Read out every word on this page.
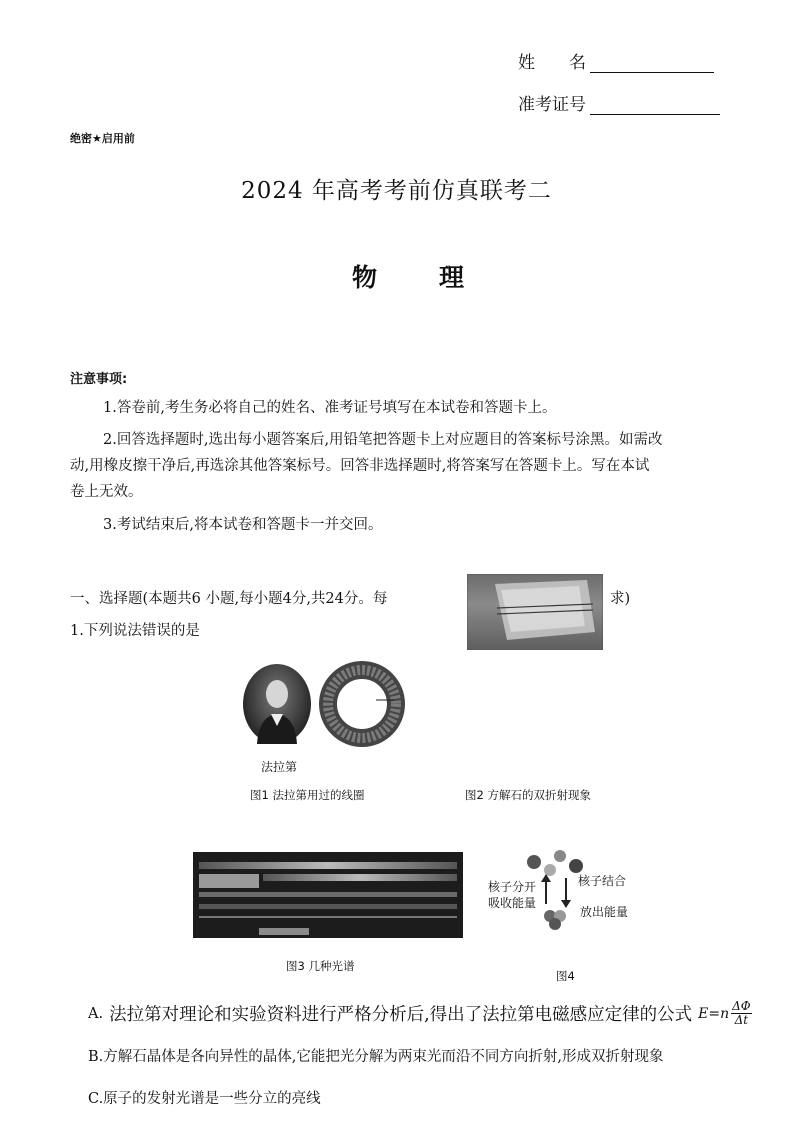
姓　　名
准考证号
绝密★启用前
2024 年高考考前仿真联考二
物理
注意事项:
1.答卷前,考生务必将自己的姓名、准考证号填写在本试卷和答题卡上。
2.回答选择题时,选出每小题答案后,用铅笔把答题卡上对应题目的答案标号涂黑。如需改
动,用橡皮擦干净后,再选涂其他答案标号。回答非选择题时,将答案写在答题卡上。写在本试
卷上无效。
3.考试结束后,将本试卷和答题卡一并交回。
一、选择题(本题共6 小题,每小题4分,共24分。每	求)
1.下列说法错误的是
法拉第
图1 法拉第用过的线圈	图2 方解石的双折射现象
图3 几种光谱
核子分开
吸收能量
核子结合
放出能量
图4
A. 法拉第对理论和实验资料进行严格分析后,得出了法拉第电磁感应定律的公式 $E=n \frac{\Delta\Phi}{\Delta t}$
B.方解石晶体是各向异性的晶体,它能把光分解为两束光而沿不同方向折射,形成双折射现象
C.原子的发射光谱是一些分立的亮线
